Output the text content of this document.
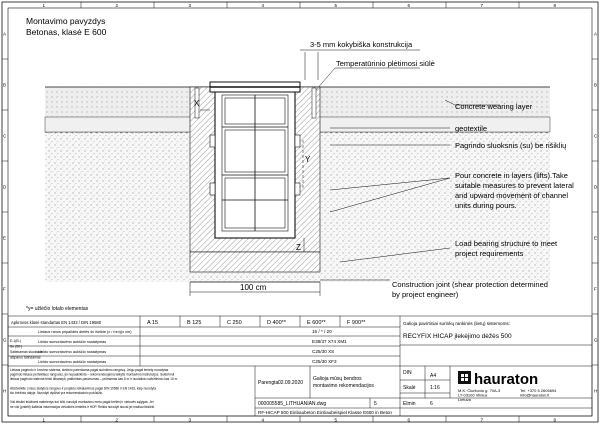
1
1
2
2
3
3
4
4
5
5
6
6
7
7
8
8
A	A
B	B
C	C
D	D
E	E
F	F
G	G
H	H
Montavimo pavyzdys
Betonas, klasė E 600
X
Y
Z
100 cm
3-5 mm kokybiška konstrukcija
Temperatūrinio plėtimosi siūlė
Concrete wearing layer
geotextile
Pagrindo sluoksnis (su) be rišiklių
Pour concrete in layers (lifts).Take
suitable measures to prevent lateral
and upward movement of channel
units during pours.
Load bearing structure to meet
project requirements
Construction joint (shear protection determined
by project engineer)
*y= užlėčio lotalo elementas
Apkrovos klasė standartas EN 1433 / DIN 19580	A 15	B 125	C 250	D 400**	E 600**	F 900**
Lietaus ranos pripaildės dietės šv išeikte (x / mm)(x cm)	15 / * / 20
Lieldo sumontavimo aukščio nustatymas	E38/37 X74 XM1
Lieldo sumontavimo aukščio nustatymas	C25/30 XS
Lieldo sumontavimo aukščio nustatymas	C25/30 XF3
E-1(B-)
Su (50-)
Saliekamas sluoksnis
atsparus tatindamas
Lietaus pagrindo ir krovimo sistema, siekinio parenkama pagal surinkimo rangovą. Jeigu pagal lentelę nurodytas
pagrindo lietaus pertekliaus rangovas, jei nepaaiškinta – rekomenduojama laikytis montavimo instrukcijos. Sukūrimui
lietaus pagrindo sistema trinki išbandyti, patikrintas pasvirumas – priimamas kas 5 m ir nuolatiniu sutvirtinimu kas 10 m
Atsižvelkite į visus statybos rangovo ir projekto reikalavimus pagal DIN 19580 ir EN 1433, kaip nurodyta
šio brėžinio dalyje. Nurodyti dydžiai yra rekomendacinio pobūdžio.
Visi leistini leidžiami matmenys turi būti nurodyti montavimo metu pagal brėžinį ir vietovės sąlygas. Jei
ne visi (pridėti) šaltiniai informacijos viršutinės lentelės ir HDP. Reikia nurodyti stovai jei mažiau tikslinti.
Galioja pavirtiniai surinkų rankinės (lietų) sistemoms:
RECYFIX HICAP įlekėjimo dėžės 500
Parengta 02.09.2020
Galioja mūsų bendros
montavimo rekomendacijos
DIN	A4
Skalė	1:16
Elmin	6
000005585_LITHUANIAN.dwg	5
RF-HICAP 500 Einbaubeton Einbaubeispiel Klasse E600 in Beton
hauraton
M.K. Čiurlionio g. 70A-3
LT-03100 Vilnius
Lietuva
Tel. +370 5 2605694
info@hauraton.lt
